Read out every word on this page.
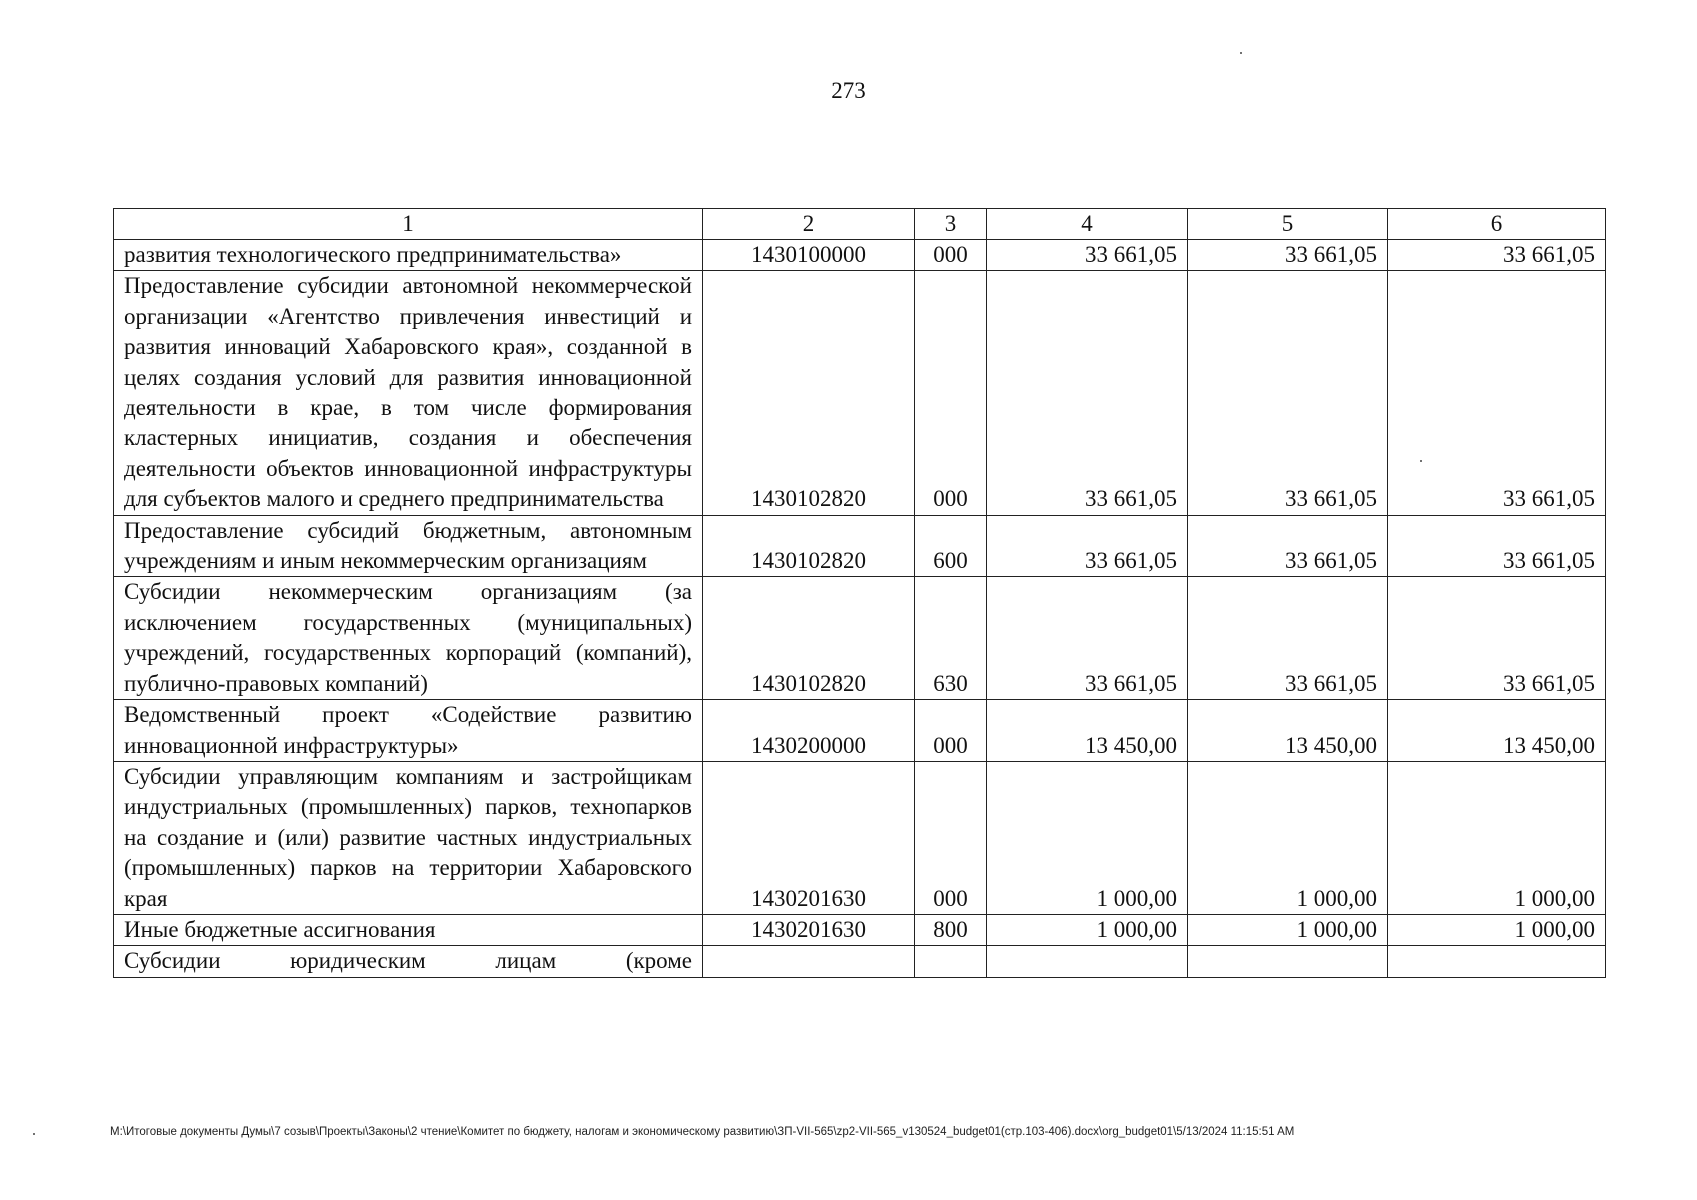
273
1	2	3	4	5	6
развития технологического предпринимательства»	1430100000	000	33 661,05	33 661,05	33 661,05
Предоставление субсидии автономной некоммерческой организации «Агентство привлечения инвестиций и развития инноваций Хабаровского края», созданной в целях создания условий для развития инновационной деятельности в крае, в том числе формирования кластерных инициатив, создания и обеспечения деятельности объектов инновационной инфраструктуры для субъектов малого и среднего предпринимательства	1430102820	000	33 661,05	33 661,05	33 661,05
Предоставление субсидий бюджетным, автономным учреждениям и иным некоммерческим организациям	1430102820	600	33 661,05	33 661,05	33 661,05
Субсидии некоммерческим организациям (за исключением государственных (муниципальных) учреждений, государственных корпораций (компаний), публично-правовых компаний)	1430102820	630	33 661,05	33 661,05	33 661,05
Ведомственный проект «Содействие развитию инновационной инфраструктуры»	1430200000	000	13 450,00	13 450,00	13 450,00
Субсидии управляющим компаниям и застройщикам индустриальных (промышленных) парков, технопарков на создание и (или) развитие частных индустриальных (промышленных) парков на территории Хабаровского края	1430201630	000	1 000,00	1 000,00	1 000,00
Иные бюджетные ассигнования	1430201630	800	1 000,00	1 000,00	1 000,00
Субсидии юридическим лицам (кроме					
M:\Итоговые документы Думы\7 созыв\Проекты\Законы\2 чтение\Комитет по бюджету, налогам и экономическому развитию\ЗП-VII-565\zp2-VII-565_v130524_budget01(стр.103-406).docx\org_budget01\5/13/2024 11:15:51 AM
